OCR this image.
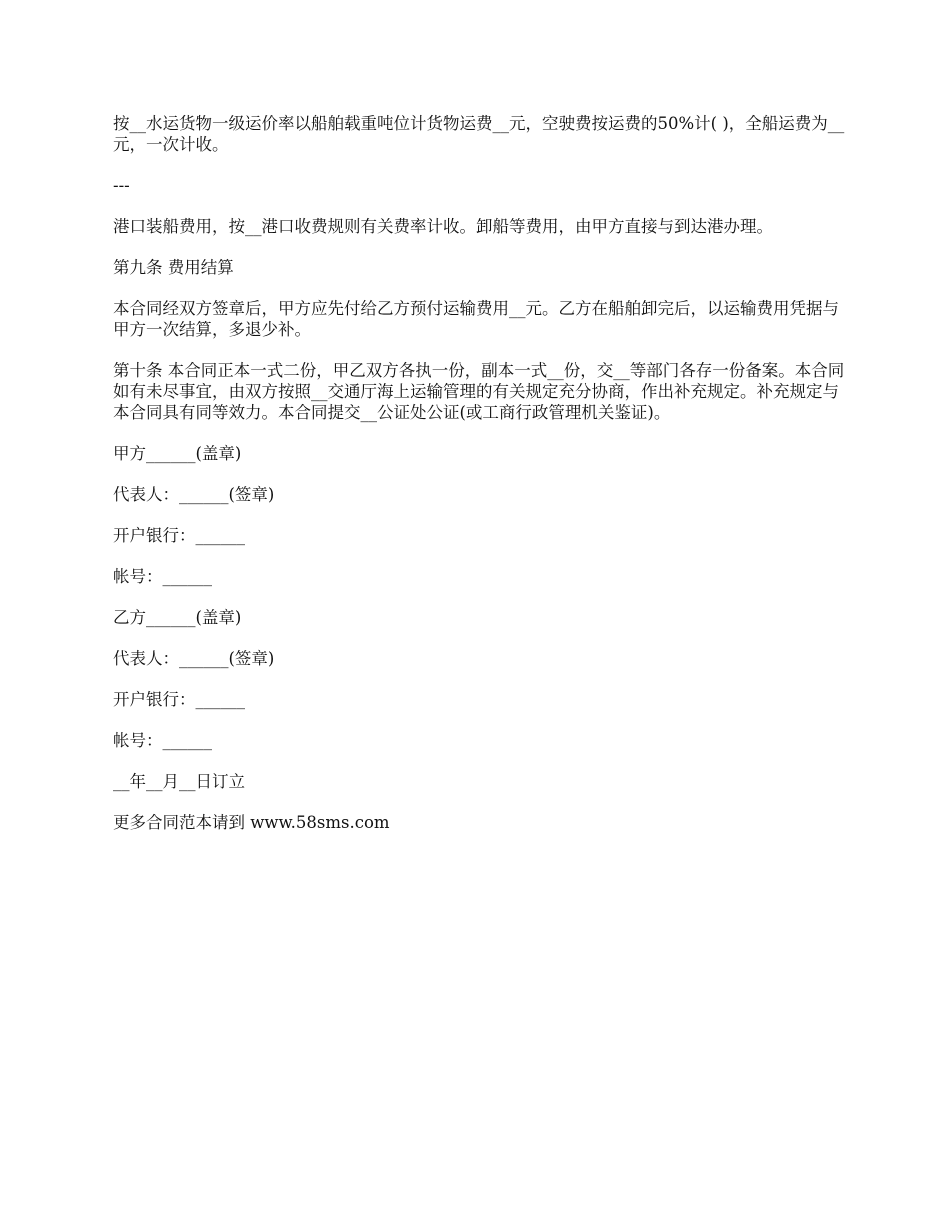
按__水运货物一级运价率以船舶载重吨位计货物运费__元，空驶费按运费的50%计( )，全船运费为__元，一次计收。

---

港口装船费用，按__港口收费规则有关费率计收。卸船等费用，由甲方直接与到达港办理。

第九条 费用结算

本合同经双方签章后，甲方应先付给乙方预付运输费用__元。乙方在船舶卸完后，以运输费用凭据与甲方一次结算，多退少补。

第十条 本合同正本一式二份，甲乙双方各执一份，副本一式__份，交__等部门各存一份备案。本合同如有未尽事宜，由双方按照__交通厅海上运输管理的有关规定充分协商，作出补充规定。补充规定与本合同具有同等效力。本合同提交__公证处公证(或工商行政管理机关鉴证)。

甲方______(盖章)

代表人：______(签章)

开户银行：______

帐号：______

乙方______(盖章)

代表人：______(签章)

开户银行：______

帐号：______

__年__月__日订立

更多合同范本请到 www.58sms.com
